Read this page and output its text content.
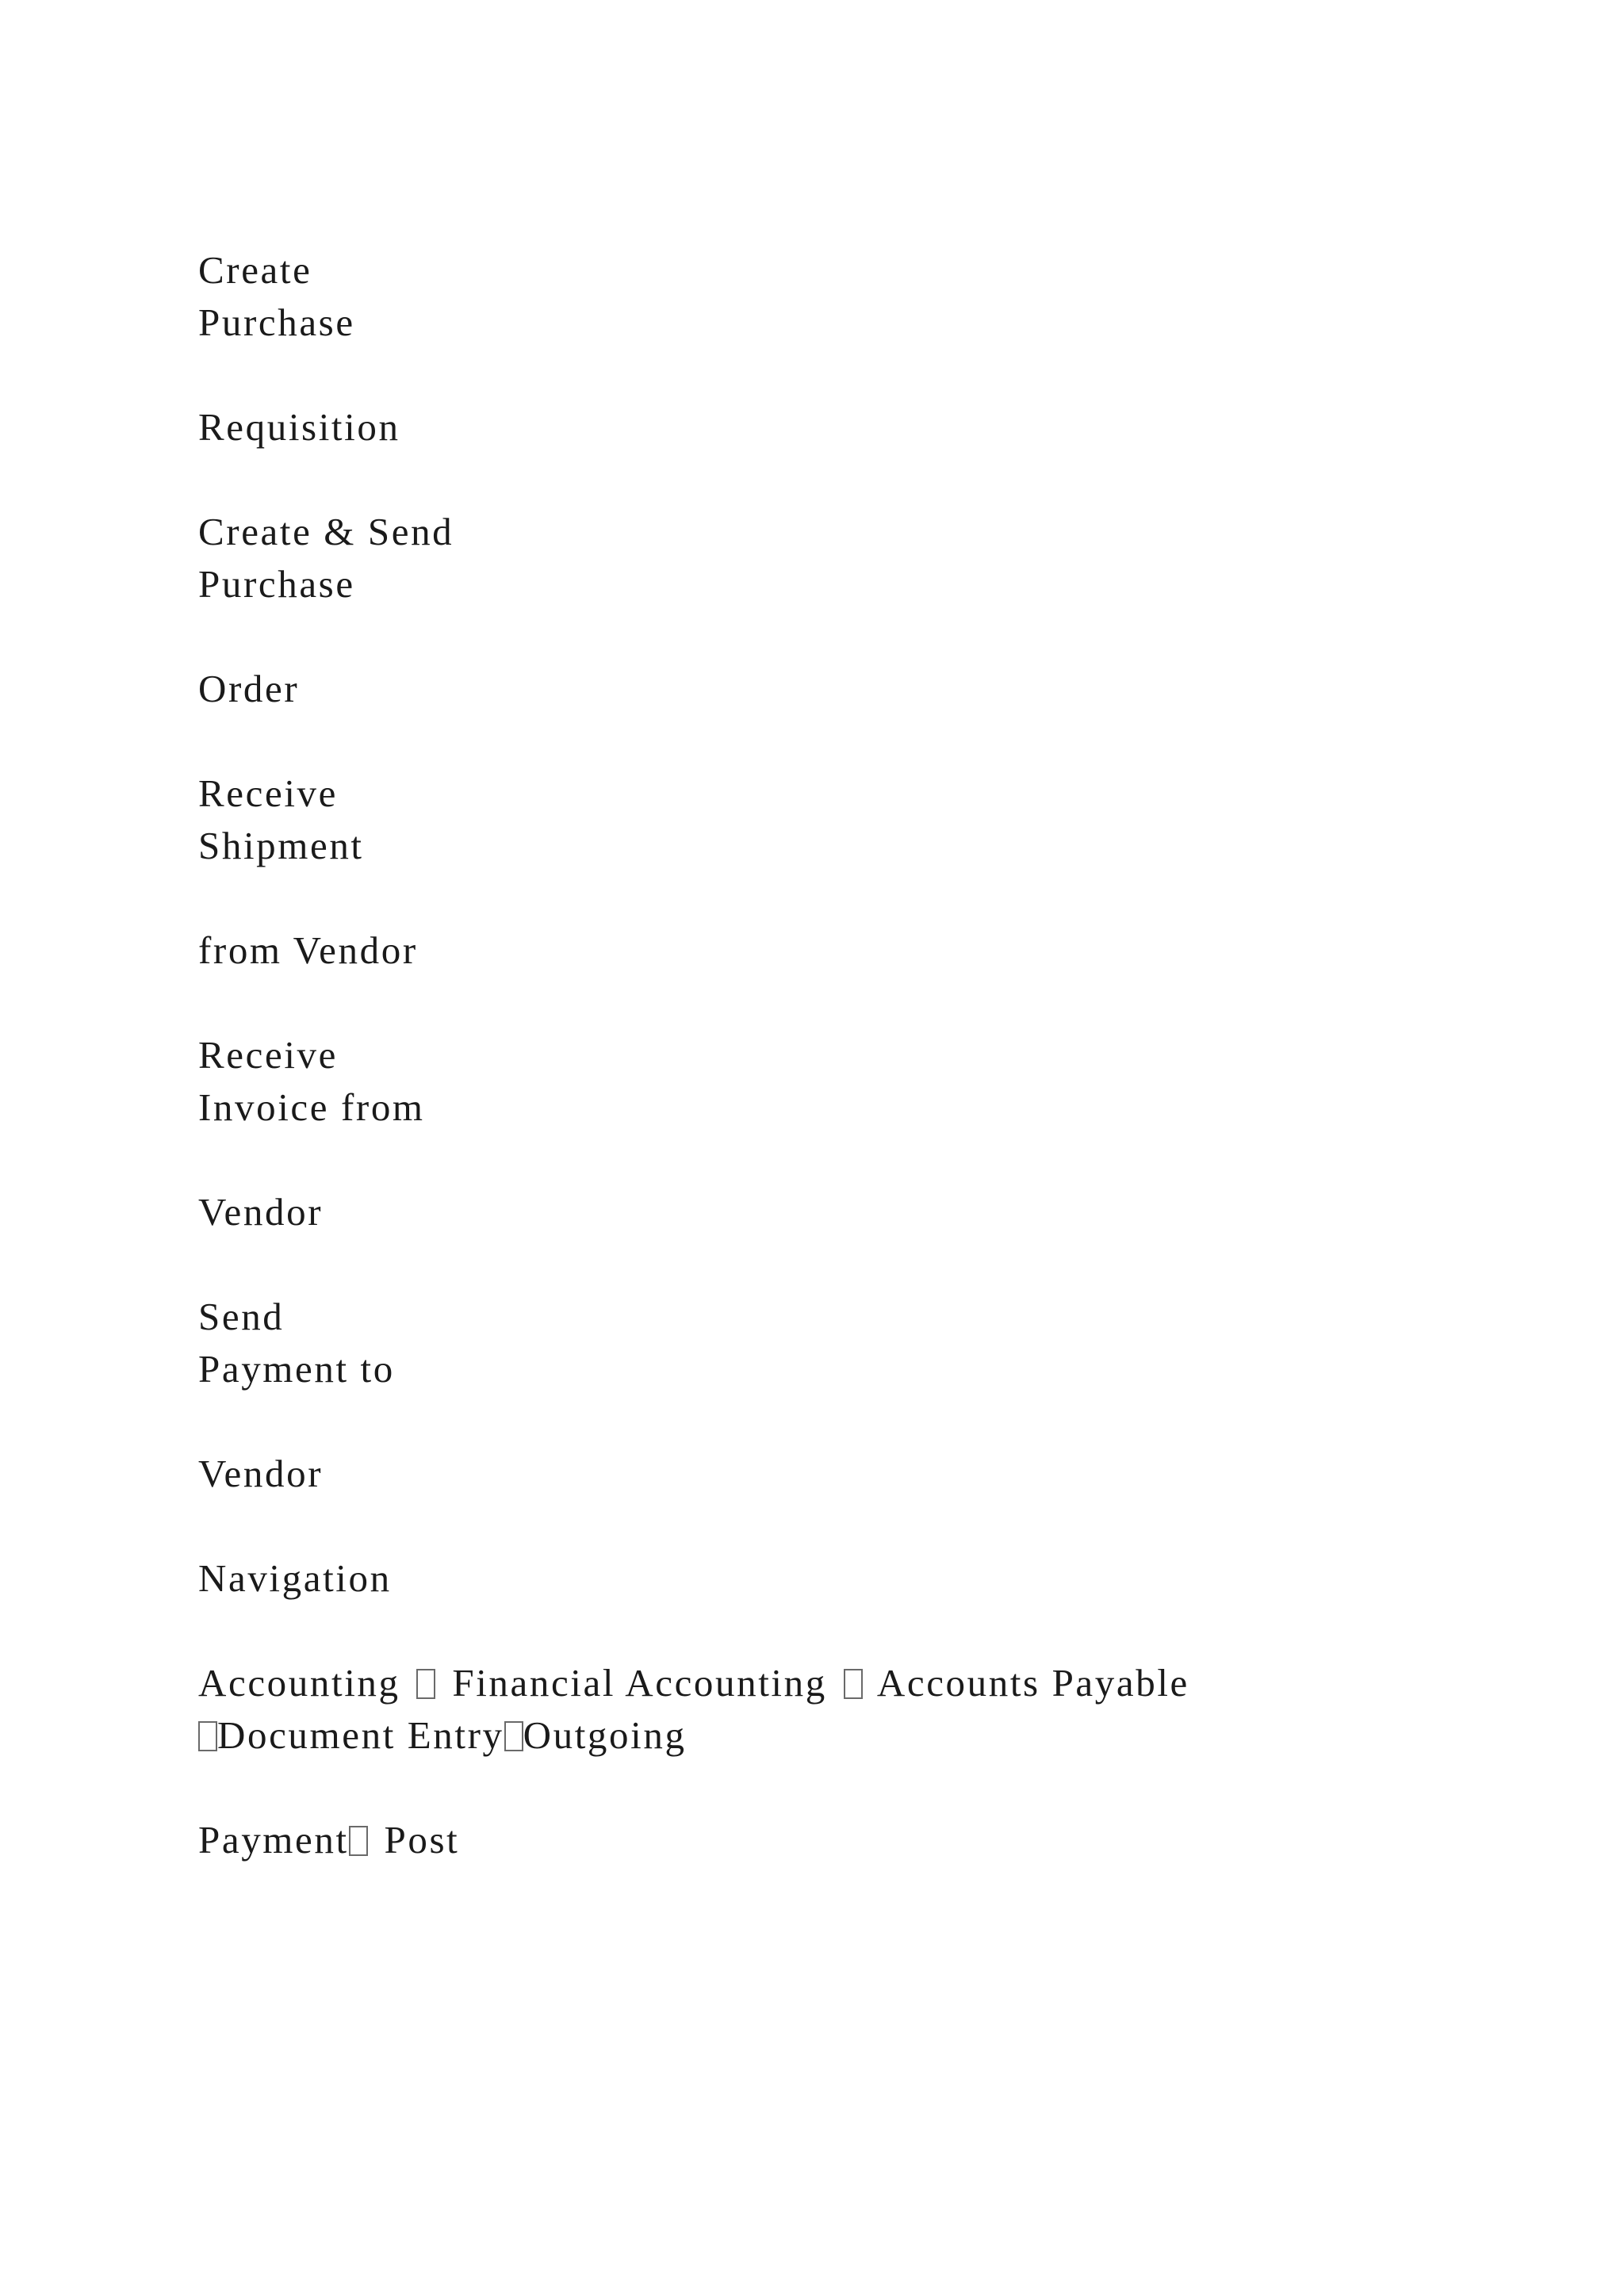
Create
Purchase
Requisition
Create & Send
Purchase
Order
Receive
Shipment
from Vendor
Receive
Invoice from
Vendor
Send
Payment to
Vendor
Navigation
Accounting Financial Accounting Accounts Payable
Document Entry Outgoing
Payment Post
